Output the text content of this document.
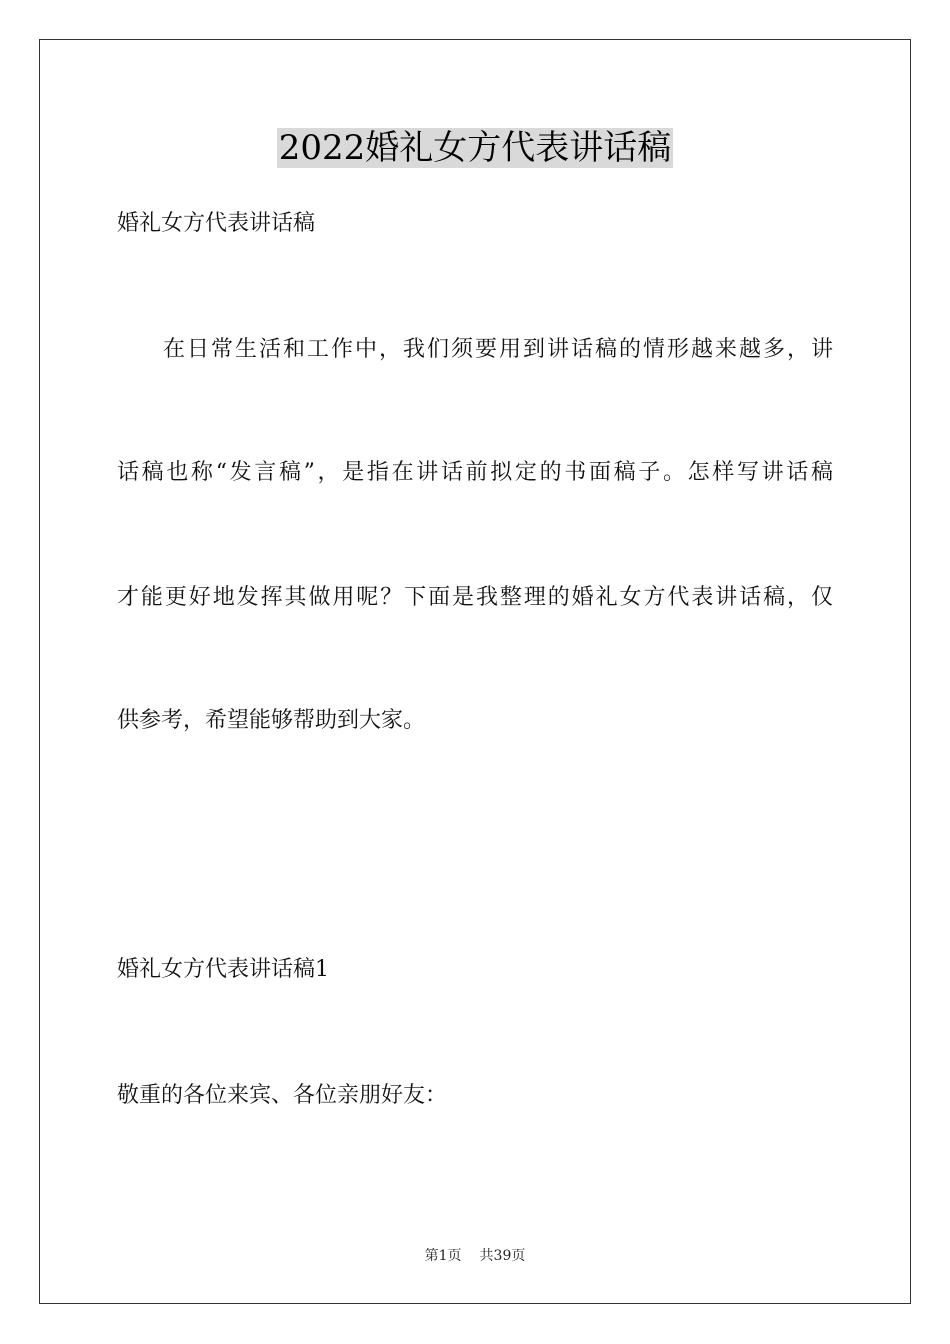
2022婚礼女方代表讲话稿
婚礼女方代表讲话稿
在日常生活和工作中，我们须要用到讲话稿的情形越来越多，讲
话稿也称“发言稿”，是指在讲话前拟定的书面稿子。怎样写讲话稿
才能更好地发挥其做用呢？下面是我整理的婚礼女方代表讲话稿，仅
供参考，希望能够帮助到大家。
婚礼女方代表讲话稿1
敬重的各位来宾、各位亲朋好友：
第1页 共39页
